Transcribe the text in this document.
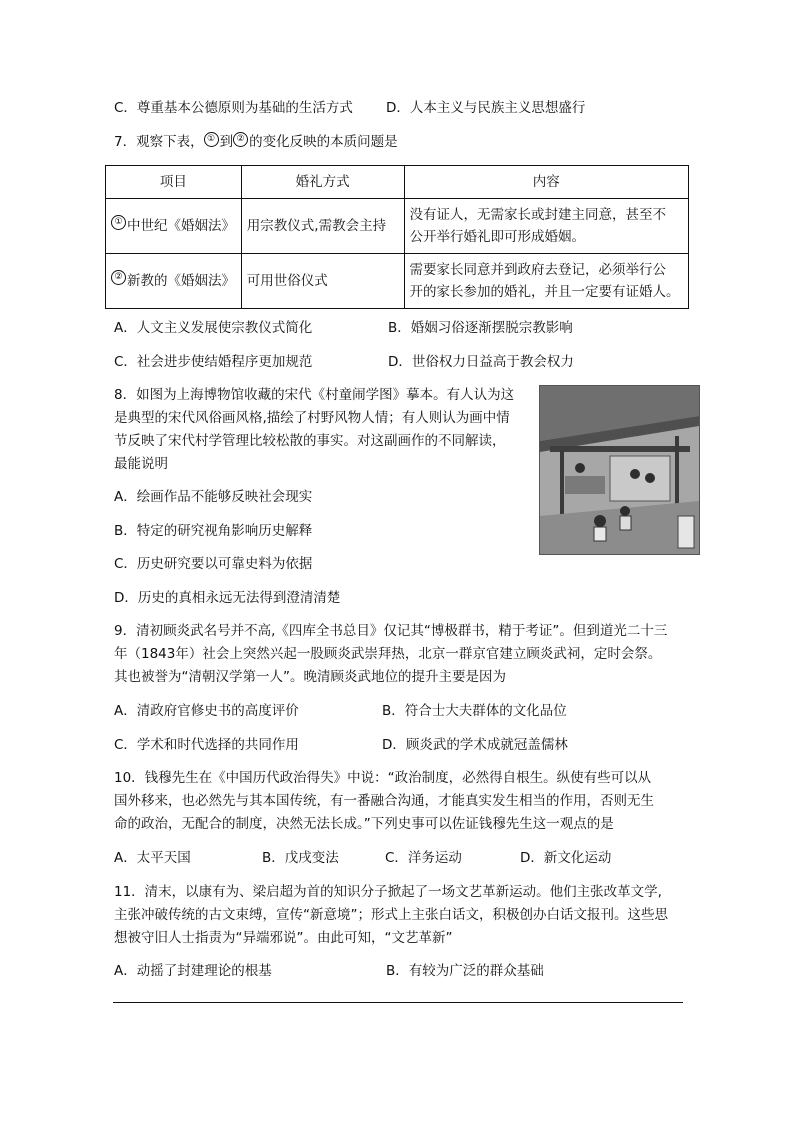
C．尊重基本公德原则为基础的生活方式 D．人本主义与民族主义思想盛行
7．观察下表， ① 到 ② 的变化反映的本质问题是
项目	婚礼方式	内容
① 中世纪《婚姻法》	用宗教仪式,需教会主持	没有证人，无需家长或封建主同意，甚至不
公开举行婚礼即可形成婚姻。

② 新教的《婚姻法》	可用世俗仪式	需要家长同意并到政府去登记，必须举行公
开的家长参加的婚礼，并且一定要有证婚人。
A．人文主义发展使宗教仪式简化	B．婚姻习俗逐渐摆脱宗教影响
C．社会进步使结婚程序更加规范	D．世俗权力日益高于教会权力
8．如图为上海博物馆收藏的宋代《村童闹学图》摹本。有人认为这
是典型的宋代风俗画风格,描绘了村野风物人情；有人则认为画中情
节反映了宋代村学管理比较松散的事实。对这副画作的不同解读，
最能说明
A．绘画作品不能够反映社会现实
B．特定的研究视角影响历史解释
C．历史研究要以可靠史料为依据
D．历史的真相永远无法得到澄清清楚
9．清初顾炎武名号并不高,《四库全书总目》仅记其“博极群书，精于考证”。但到道光二十三
年（1843年）社会上突然兴起一股顾炎武崇拜热，北京一群京官建立顾炎武祠，定时会祭。
其也被誉为“清朝汉学第一人”。晚清顾炎武地位的提升主要是因为
A．清政府官修史书的高度评价	B．符合士大夫群体的文化品位
C．学术和时代选择的共同作用	D．顾炎武的学术成就冠盖儒林
10．钱穆先生在《中国历代政治得失》中说：“政治制度，必然得自根生。纵使有些可以从
国外移来，也必然先与其本国传统，有一番融合沟通，才能真实发生相当的作用，否则无生
命的政治，无配合的制度，决然无法长成。”下列史事可以佐证钱穆先生这一观点的是
A．太平天国	B．戊戌变法	C．洋务运动	D．新文化运动
11．清末，以康有为、梁启超为首的知识分子掀起了一场文艺革新运动。他们主张改革文学,
主张冲破传统的古文束缚，宣传“新意境”；形式上主张白话文，积极创办白话文报刊。这些思
想被守旧人士指责为“异端邪说”。由此可知，“文艺革新”
A．动摇了封建理论的根基	B．有较为广泛的群众基础
